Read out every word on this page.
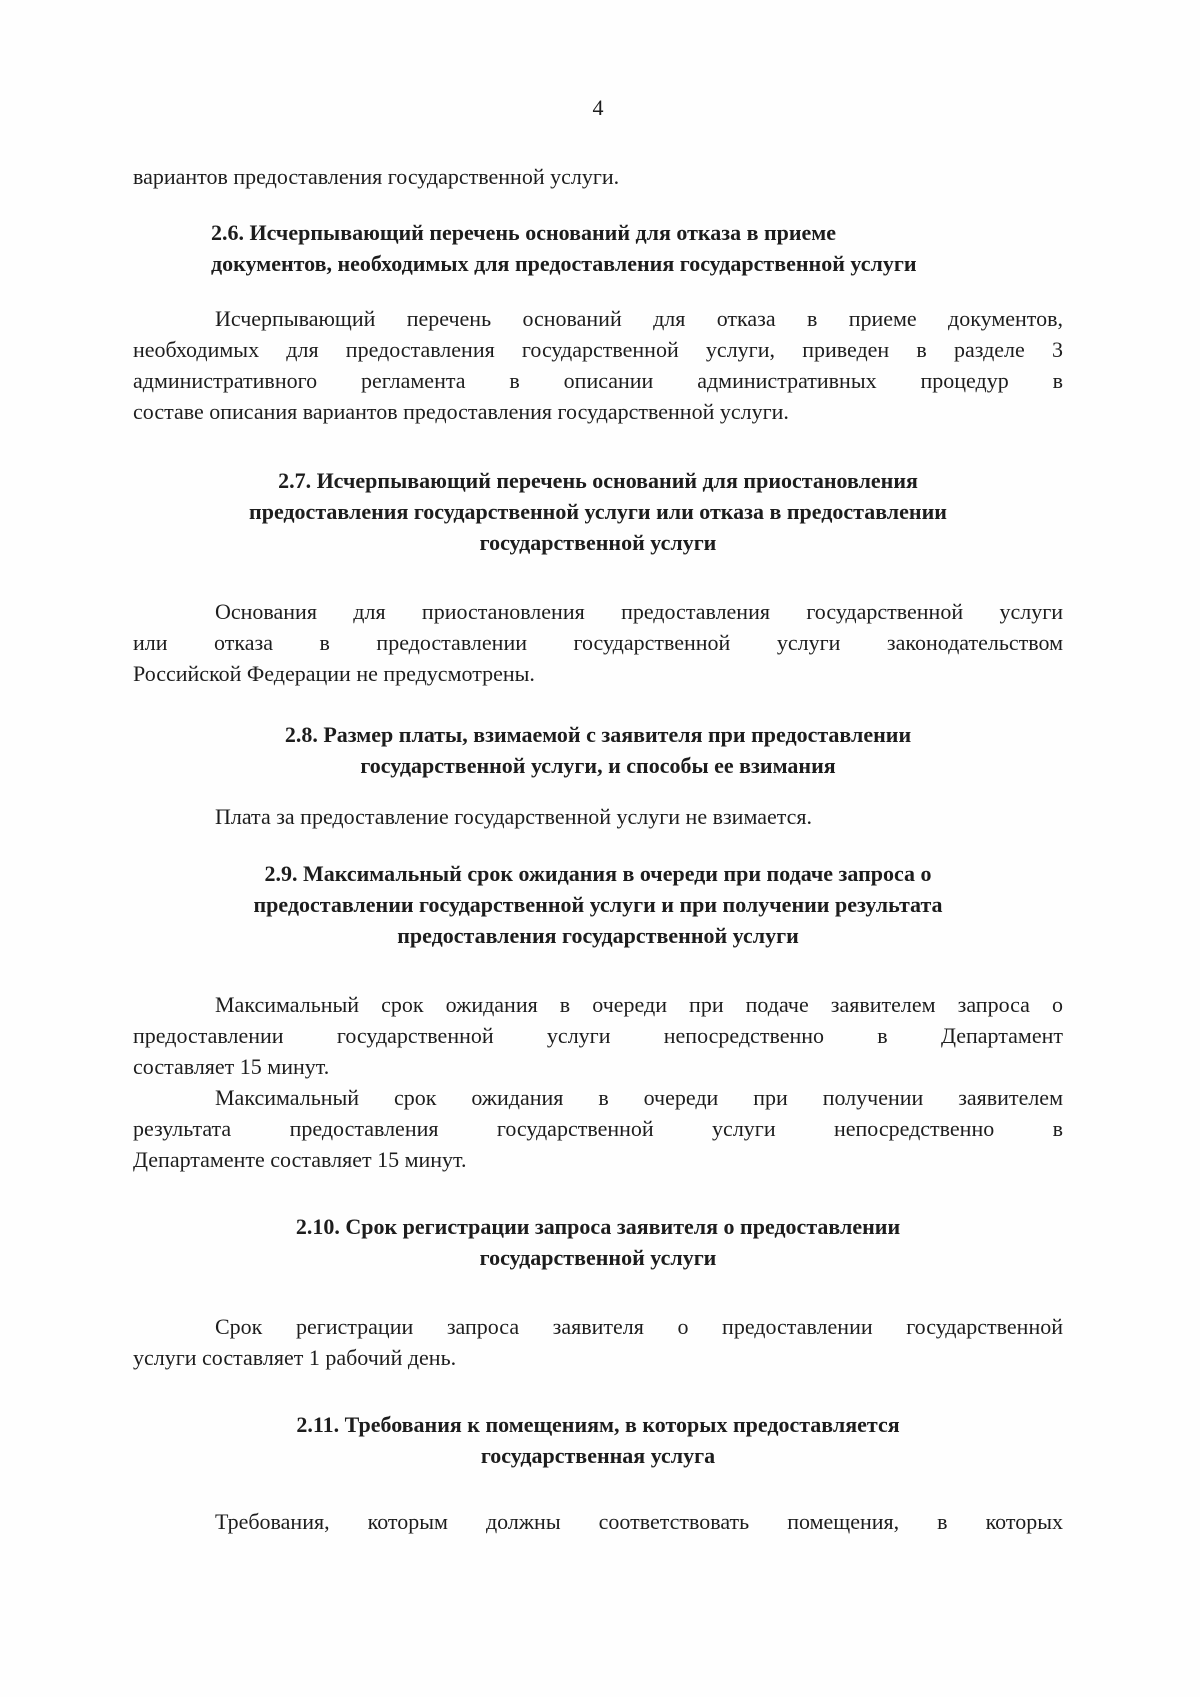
4

вариантов предоставления государственной услуги.

2.6. Исчерпывающий перечень оснований для отказа в приеме
документов, необходимых для предоставления государственной услуги

Исчерпывающий перечень оснований для отказа в приеме документов,
необходимых для предоставления государственной услуги, приведен в разделе 3
административного регламента в описании административных процедур в
составе описания вариантов предоставления государственной услуги.

2.7. Исчерпывающий перечень оснований для приостановления
предоставления государственной услуги или отказа в предоставлении
государственной услуги

Основания для приостановления предоставления государственной услуги
или отказа в предоставлении государственной услуги законодательством
Российской Федерации не предусмотрены.

2.8. Размер платы, взимаемой с заявителя при предоставлении
государственной услуги, и способы ее взимания

Плата за предоставление государственной услуги не взимается.

2.9. Максимальный срок ожидания в очереди при подаче запроса о
предоставлении государственной услуги и при получении результата
предоставления государственной услуги

Максимальный срок ожидания в очереди при подаче заявителем запроса о
предоставлении государственной услуги непосредственно в Департамент
составляет 15 минут.

Максимальный срок ожидания в очереди при получении заявителем
результата предоставления государственной услуги непосредственно в
Департаменте составляет 15 минут.

2.10. Срок регистрации запроса заявителя о предоставлении
государственной услуги

Срок регистрации запроса заявителя о предоставлении государственной
услуги составляет 1 рабочий день.

2.11. Требования к помещениям, в которых предоставляется
государственная услуга

Требования, которым должны соответствовать помещения, в которых
